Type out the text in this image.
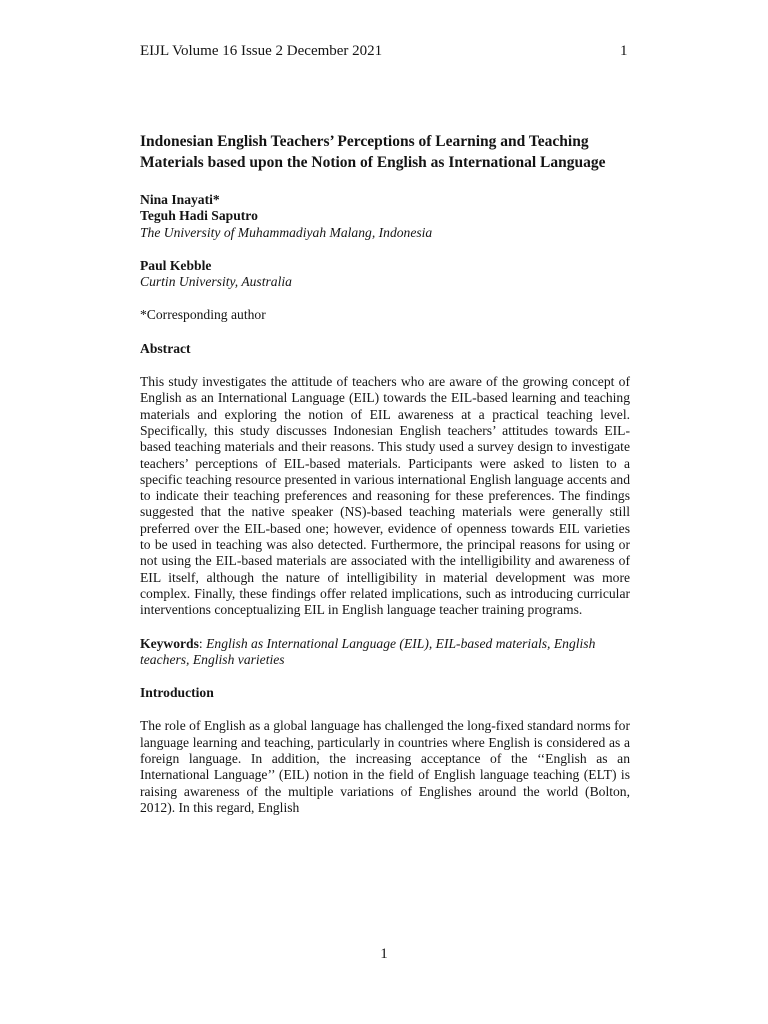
EIJL Volume 16 Issue 2 December 2021	1
Indonesian English Teachers’ Perceptions of Learning and Teaching Materials based upon the Notion of English as International Language
Nina Inayati*
Teguh Hadi Saputro
The University of Muhammadiyah Malang, Indonesia
Paul Kebble
Curtin University, Australia
*Corresponding author
Abstract
This study investigates the attitude of teachers who are aware of the growing concept of English as an International Language (EIL) towards the EIL-based learning and teaching materials and exploring the notion of EIL awareness at a practical teaching level. Specifically, this study discusses Indonesian English teachers’ attitudes towards EIL-based teaching materials and their reasons. This study used a survey design to investigate teachers’ perceptions of EIL-based materials. Participants were asked to listen to a specific teaching resource presented in various international English language accents and to indicate their teaching preferences and reasoning for these preferences. The findings suggested that the native speaker (NS)-based teaching materials were generally still preferred over the EIL-based one; however, evidence of openness towards EIL varieties to be used in teaching was also detected. Furthermore, the principal reasons for using or not using the EIL-based materials are associated with the intelligibility and awareness of EIL itself, although the nature of intelligibility in material development was more complex. Finally, these findings offer related implications, such as introducing curricular interventions conceptualizing EIL in English language teacher training programs.
Keywords: English as International Language (EIL), EIL-based materials, English teachers, English varieties
Introduction
The role of English as a global language has challenged the long-fixed standard norms for language learning and teaching, particularly in countries where English is considered as a foreign language. In addition, the increasing acceptance of the ‘‘English as an International Language’’ (EIL) notion in the field of English language teaching (ELT) is raising awareness of the multiple variations of Englishes around the world (Bolton, 2012). In this regard, English
1
